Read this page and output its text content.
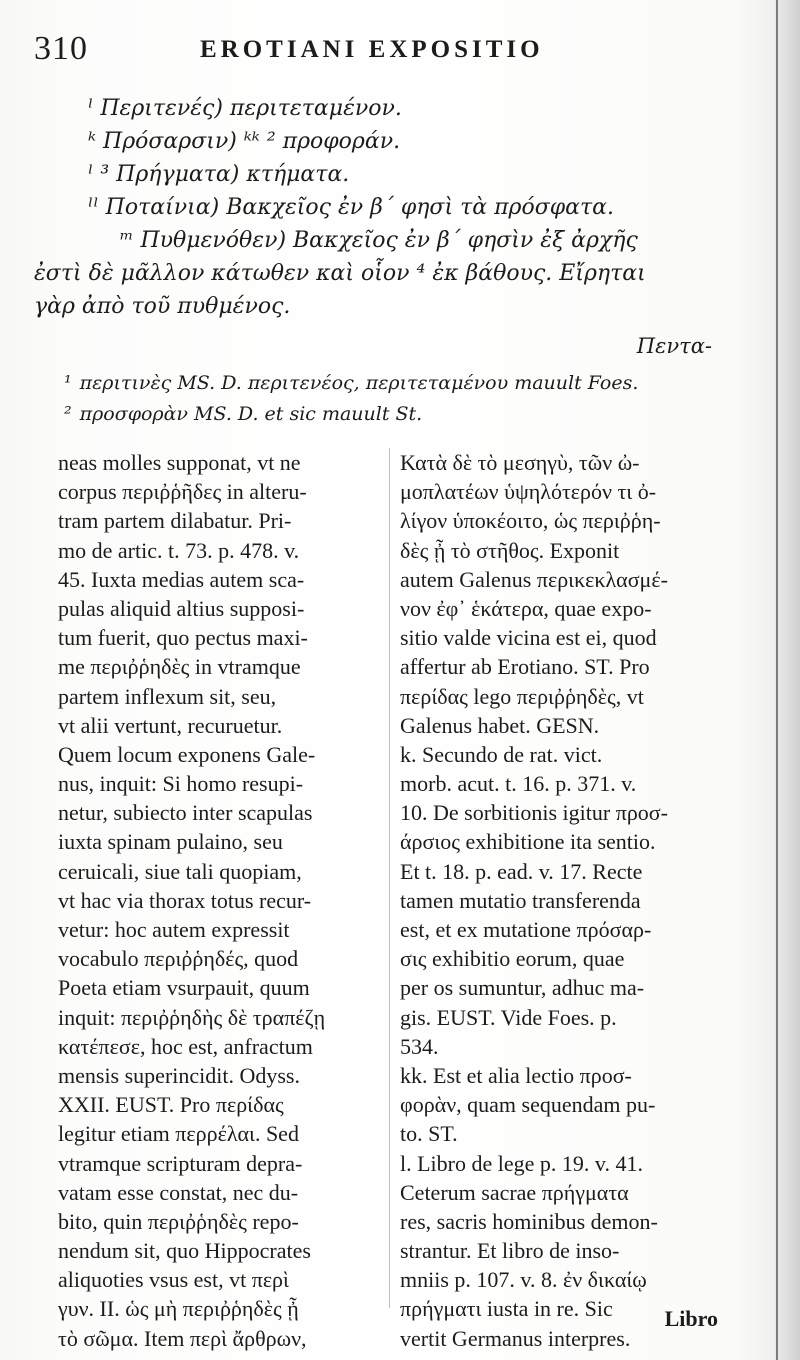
310	EROTIANI EXPOSITIO
ˡ Περιτενές) περιτεταμένον.
ᵏ Πρόσαρσιν) ᵏᵏ ² προφοράν.
ˡ ³ Πρήγματα) κτήματα.
ˡˡ Ποταίνια) Βακχεῖος ἐν β΄ φησὶ τὰ πρόσφατα.
ᵐ Πυθμενόθεν) Βακχεῖος ἐν β΄ φησὶν ἐξ ἀρχῆς
ἐστὶ δὲ μᾶλλον κάτωθεν καὶ οἷον ⁴ ἐκ βάθους. Εἴρηται
γὰρ ἀπὸ τοῦ πυθμένος.
Πεντα-
¹ περιτινὲς MS. D. περιτενέος, περιτεταμένου mauult Foes.
² προσφορὰν MS. D. et sic mauult St.
neas molles supponat, vt ne
corpus περιῤῥῆδες in alteru-
tram partem dilabatur. Pri-
mo de artic. t. 73. p. 478. v.
45. Iuxta medias autem sca-
pulas aliquid altius supposi-
tum fuerit, quo pectus maxi-
me περιῤῥηδὲς in vtramque
partem inflexum sit, seu,
vt alii vertunt, recuruetur.
Quem locum exponens Gale-
nus, inquit: Si homo resupi-
netur, subiecto inter scapulas
iuxta spinam pulaino, seu
ceruicali, siue tali quopiam,
vt hac via thorax totus recur-
vetur: hoc autem expressit
vocabulo περιῤῥηδές, quod
Poeta etiam vsurpauit, quum
inquit: περιῤῥηδὴς δὲ τραπέζῃ
κατέπεσε, hoc est, anfractum
mensis superincidit. Odyss.
XXII. EUST. Pro περίδας
legitur etiam περρέλαι. Sed
vtramque scripturam depra-
vatam esse constat, nec du-
bito, quin περιῤῥηδὲς repo-
nendum sit, quo Hippocrates
aliquoties vsus est, vt περὶ
γυν. II. ὡς μὴ περιῤῥηδὲς ᾖ
τὸ σῶμα. Item περὶ ἄρθρων,
Κατὰ δὲ τὸ μεσηγὺ, τῶν ὠ-
μοπλατέων ὑψηλότερόν τι ὀ-
λίγον ὑποκέοιτο, ὡς περιῤῥη-
δὲς ᾖ τὸ στῆθος. Exponit
autem Galenus περικεκλασμέ-
νον ἐφ᾽ ἑκάτερα, quae expo-
sitio valde vicina est ei, quod
affertur ab Erotiano. ST. Pro
περίδας lego περιῤῥηδὲς, vt
Galenus habet. GESN.
k. Secundo de rat. vict.
morb. acut. t. 16. p. 371. v.
10. De sorbitionis igitur προσ-
άρσιος exhibitione ita sentio.
Et t. 18. p. ead. v. 17. Recte
tamen mutatio transferenda
est, et ex mutatione πρόσαρ-
σις exhibitio eorum, quae
per os sumuntur, adhuc ma-
gis. EUST. Vide Foes. p.
534.
kk. Est et alia lectio προσ-
φορὰν, quam sequendam pu-
to. ST.
l. Libro de lege p. 19. v. 41.
Ceterum sacrae πρήγματα
res, sacris hominibus demon-
strantur. Et libro de inso-
mniis p. 107. v. 8. ἐν δικαίῳ
πρήγματι iusta in re. Sic
vertit Germanus interpres.
Libro
